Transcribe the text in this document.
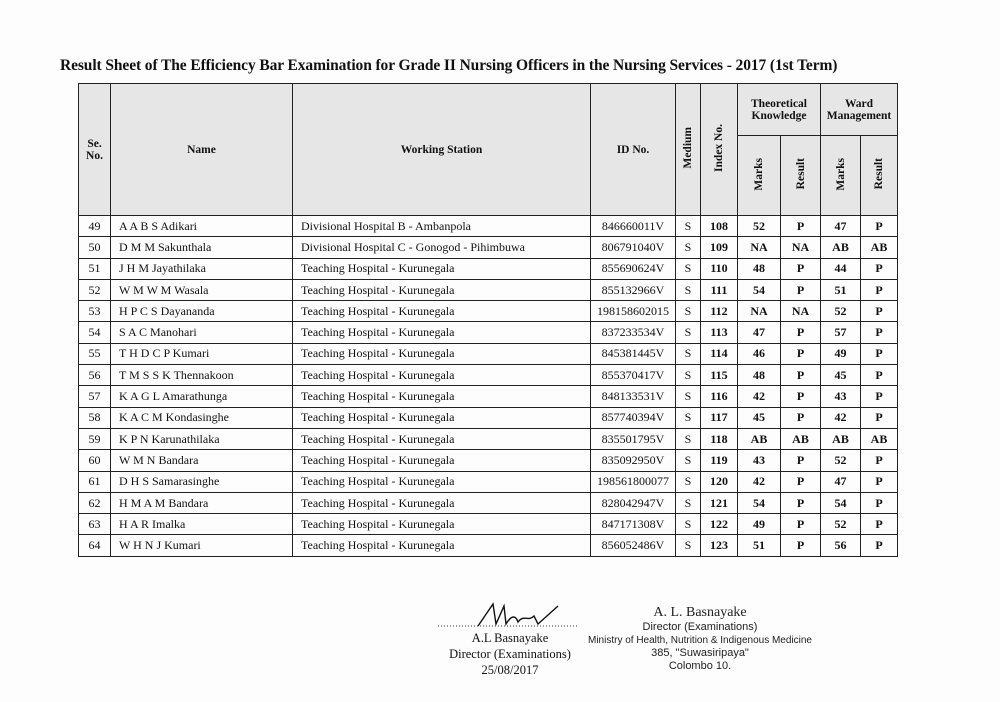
Result Sheet of The Efficiency Bar Examination for Grade II Nursing Officers in the Nursing Services - 2017 (1st Term)
Se. No.	Name	Working Station	ID No.	Medium	Index No.	Theoretical Knowledge		Ward Management	
						Marks	Result	Marks	Result
49	A A B S Adikari	Divisional Hospital B - Ambanpola	846660011V	S	108	52	P	47	P
50	D M M Sakunthala	Divisional Hospital C - Gonogod - Pihimbuwa	806791040V	S	109	NA	NA	AB	AB
51	J H M Jayathilaka	Teaching Hospital - Kurunegala	855690624V	S	110	48	P	44	P
52	W M W M Wasala	Teaching Hospital - Kurunegala	855132966V	S	111	54	P	51	P
53	H P C S Dayananda	Teaching Hospital - Kurunegala	198158602015	S	112	NA	NA	52	P
54	S A C Manohari	Teaching Hospital - Kurunegala	837233534V	S	113	47	P	57	P
55	T H D C P Kumari	Teaching Hospital - Kurunegala	845381445V	S	114	46	P	49	P
56	T M S S K Thennakoon	Teaching Hospital - Kurunegala	855370417V	S	115	48	P	45	P
57	K A G L Amarathunga	Teaching Hospital - Kurunegala	848133531V	S	116	42	P	43	P
58	K A C M Kondasinghe	Teaching Hospital - Kurunegala	857740394V	S	117	45	P	42	P
59	K P N Karunathilaka	Teaching Hospital - Kurunegala	835501795V	S	118	AB	AB	AB	AB
60	W M N Bandara	Teaching Hospital - Kurunegala	835092950V	S	119	43	P	52	P
61	D H S Samarasinghe	Teaching Hospital - Kurunegala	198561800077	S	120	42	P	47	P
62	H M A M Bandara	Teaching Hospital - Kurunegala	828042947V	S	121	54	P	54	P
63	H A R Imalka	Teaching Hospital - Kurunegala	847171308V	S	122	49	P	52	P
64	W H N J Kumari	Teaching Hospital - Kurunegala	856052486V	S	123	51	P	56	P
A.L Basnayake
Director (Examinations)
25/08/2017
A. L. Basnayake
Director (Examinations)
Ministry of Health, Nutrition & Indigenous Medicine
385, "Suwasiripaya"
Colombo 10.
